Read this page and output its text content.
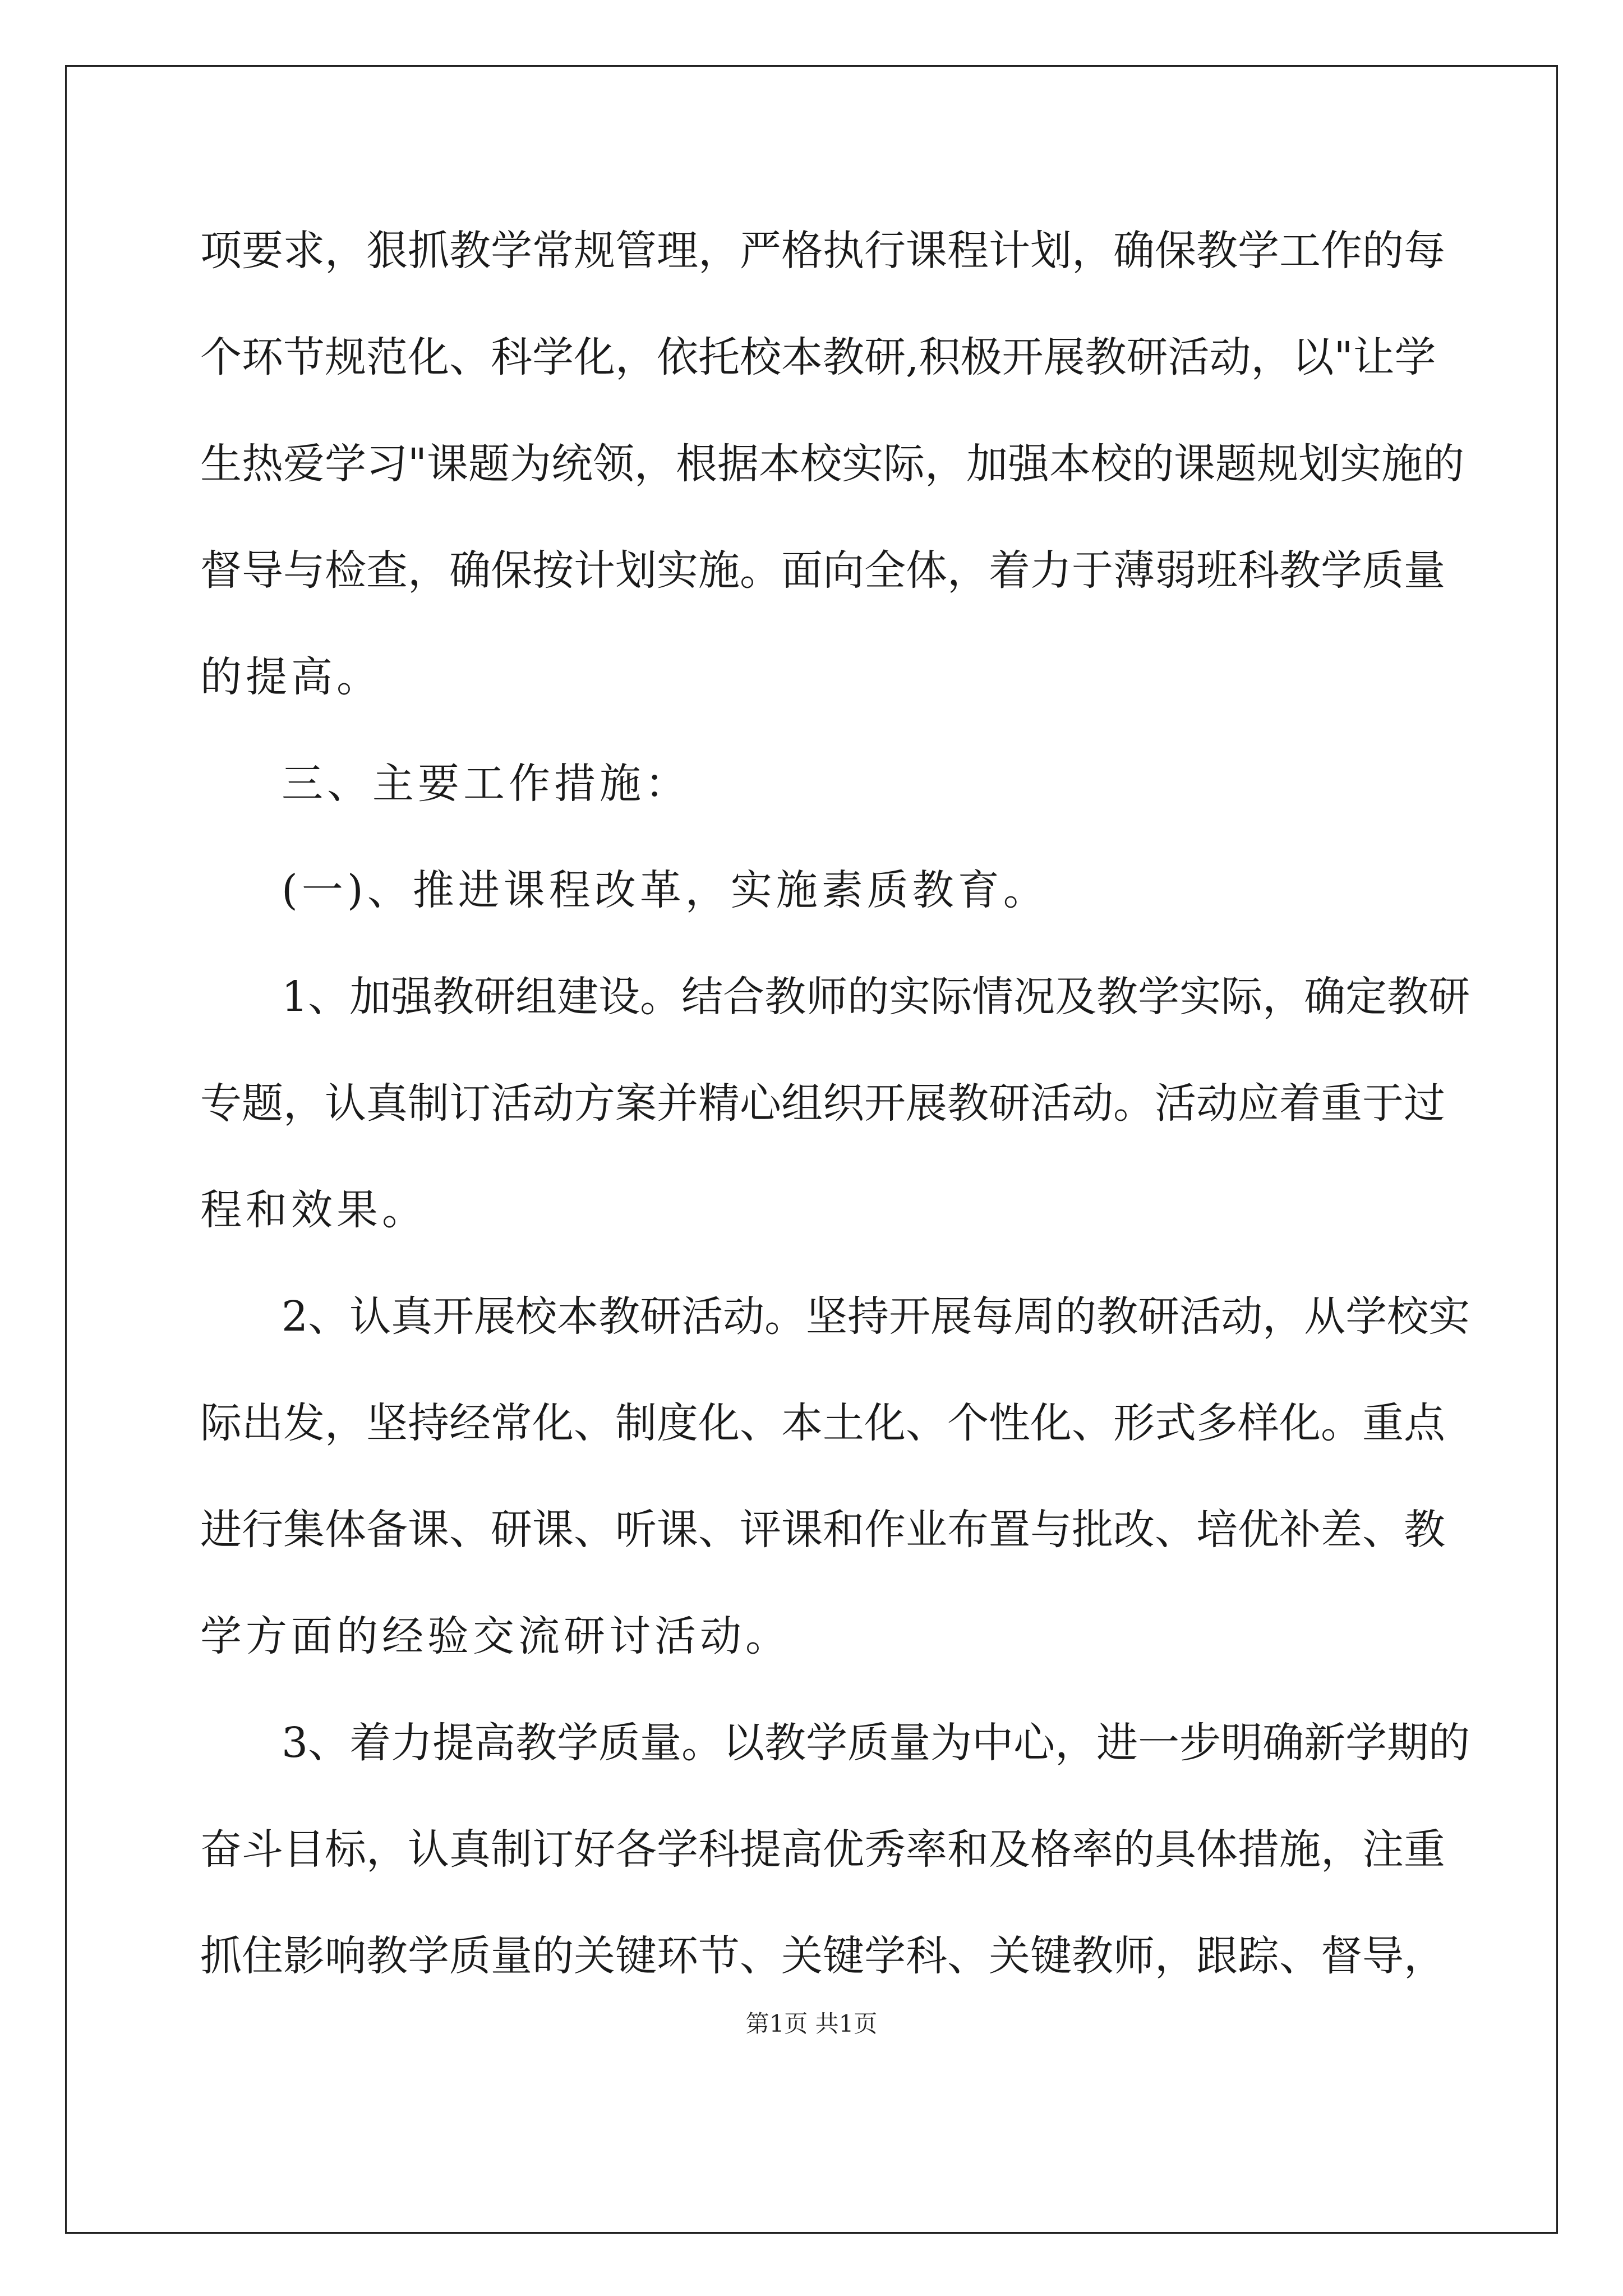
项要求，狠抓教学常规管理，严格执行课程计划，确保教学工作的每
个环节规范化、科学化，依托校本教研,积极开展教研活动，以"让学
生热爱学习"课题为统领，根据本校实际，加强本校的课题规划实施的
督导与检查，确保按计划实施。面向全体，着力于薄弱班科教学质量
的提高。
三、主要工作措施：
(一)、推进课程改革，实施素质教育。
1、加强教研组建设。结合教师的实际情况及教学实际，确定教研
专题，认真制订活动方案并精心组织开展教研活动。活动应着重于过
程和效果。
2、认真开展校本教研活动。坚持开展每周的教研活动，从学校实
际出发，坚持经常化、制度化、本土化、个性化、形式多样化。重点
进行集体备课、研课、听课、评课和作业布置与批改、培优补差、教
学方面的经验交流研讨活动。
3、着力提高教学质量。以教学质量为中心，进一步明确新学期的
奋斗目标，认真制订好各学科提高优秀率和及格率的具体措施，注重
抓住影响教学质量的关键环节、关键学科、关键教师，跟踪、督导，
第1页 共1页
